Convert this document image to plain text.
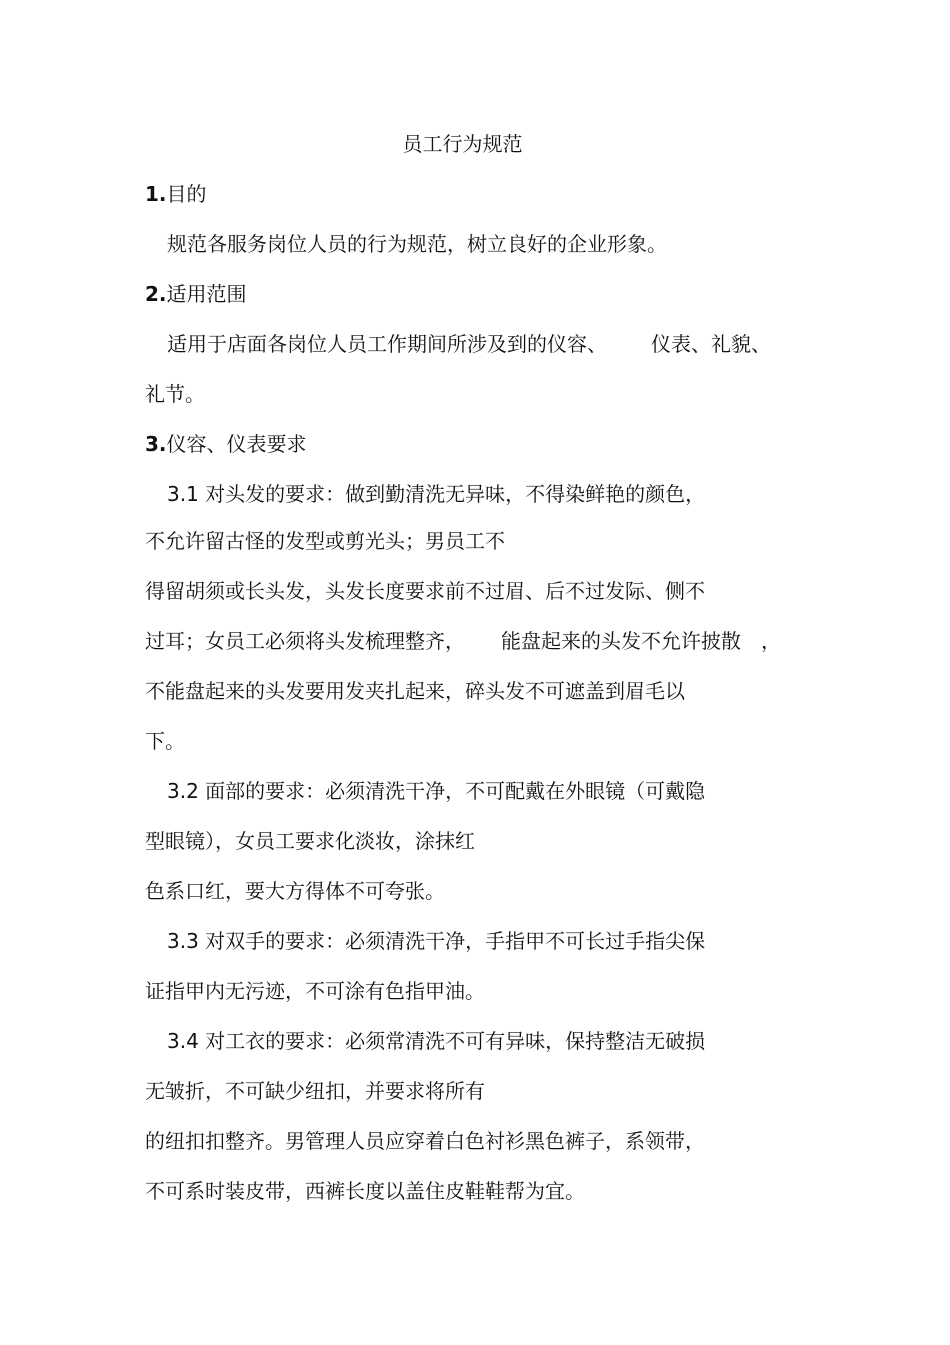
员工行为规范
1.目的
规范各服务岗位人员的行为规范，树立良好的企业形象。
2.适用范围
适用于店面各岗位人员工作期间所涉及到的仪容、 仪表、礼貌、
礼节。
3.仪容、仪表要求
3.1 对头发的要求：做到勤清洗无异味，不得染鲜艳的颜色，
不允许留古怪的发型或剪光头；男员工不
得留胡须或长头发，头发长度要求前不过眉、后不过发际、侧不
过耳；女员工必须将头发梳理整齐， 能盘起来的头发不允许披散 ，
不能盘起来的头发要用发夹扎起来，碎头发不可遮盖到眉毛以
下。
3.2 面部的要求：必须清洗干净，不可配戴在外眼镜（可戴隐
型眼镜），女员工要求化淡妆，涂抹红
色系口红，要大方得体不可夸张。
3.3 对双手的要求：必须清洗干净，手指甲不可长过手指尖保
证指甲内无污迹，不可涂有色指甲油。
3.4 对工衣的要求：必须常清洗不可有异味，保持整洁无破损
无皱折，不可缺少纽扣，并要求将所有
的纽扣扣整齐。男管理人员应穿着白色衬衫黑色裤子，系领带，
不可系时装皮带，西裤长度以盖住皮鞋鞋帮为宜。
